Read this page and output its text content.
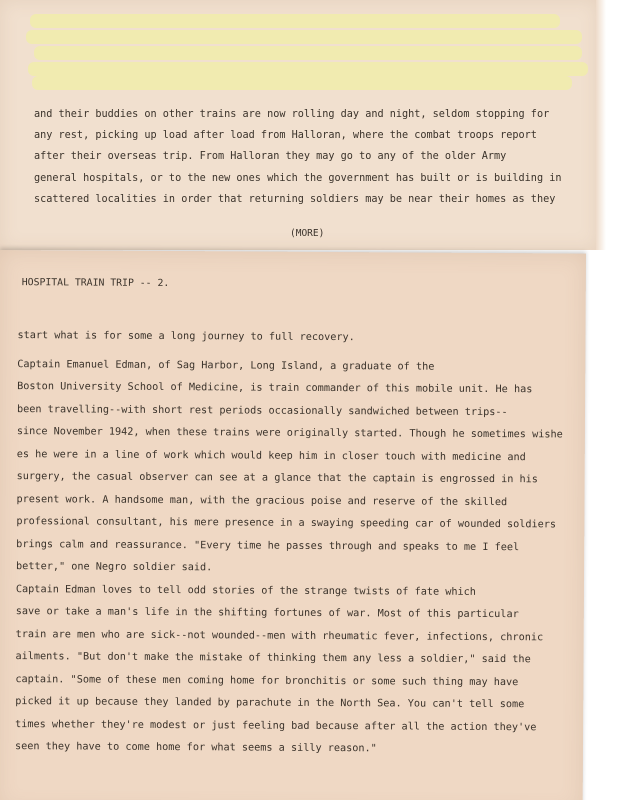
and their buddies on other trains are now rolling day and night, seldom stopping for
any rest, picking up load after load from Halloran, where the combat troops report
after their overseas trip. From Halloran they may go to any of the older Army
general hospitals, or to the new ones which the government has built or is building in
scattered localities in order that returning soldiers may be near their homes as they
(MORE)
HOSPITAL TRAIN TRIP -- 2.
start what is for some a long journey to full recovery.
Captain Emanuel Edman, of Sag Harbor, Long Island, a graduate of the
Boston University School of Medicine, is train commander of this mobile unit. He has
been travelling--with short rest periods occasionally sandwiched between trips--
since November 1942, when these trains were originally started. Though he sometimes wishe
es he were in a line of work which would keep him in closer touch with medicine and
surgery, the casual observer can see at a glance that the captain is engrossed in his
present work. A handsome man, with the gracious poise and reserve of the skilled
professional consultant, his mere presence in a swaying speeding car of wounded soldiers
brings calm and reassurance. "Every time he passes through and speaks to me I feel
better," one Negro soldier said.
Captain Edman loves to tell odd stories of the strange twists of fate which
save or take a man's life in the shifting fortunes of war. Most of this particular
train are men who are sick--not wounded--men with rheumatic fever, infections, chronic
ailments. "But don't make the mistake of thinking them any less a soldier," said the
captain. "Some of these men coming home for bronchitis or some such thing may have
picked it up because they landed by parachute in the North Sea. You can't tell some
times whether they're modest or just feeling bad because after all the action they've
seen they have to come home for what seems a silly reason."
